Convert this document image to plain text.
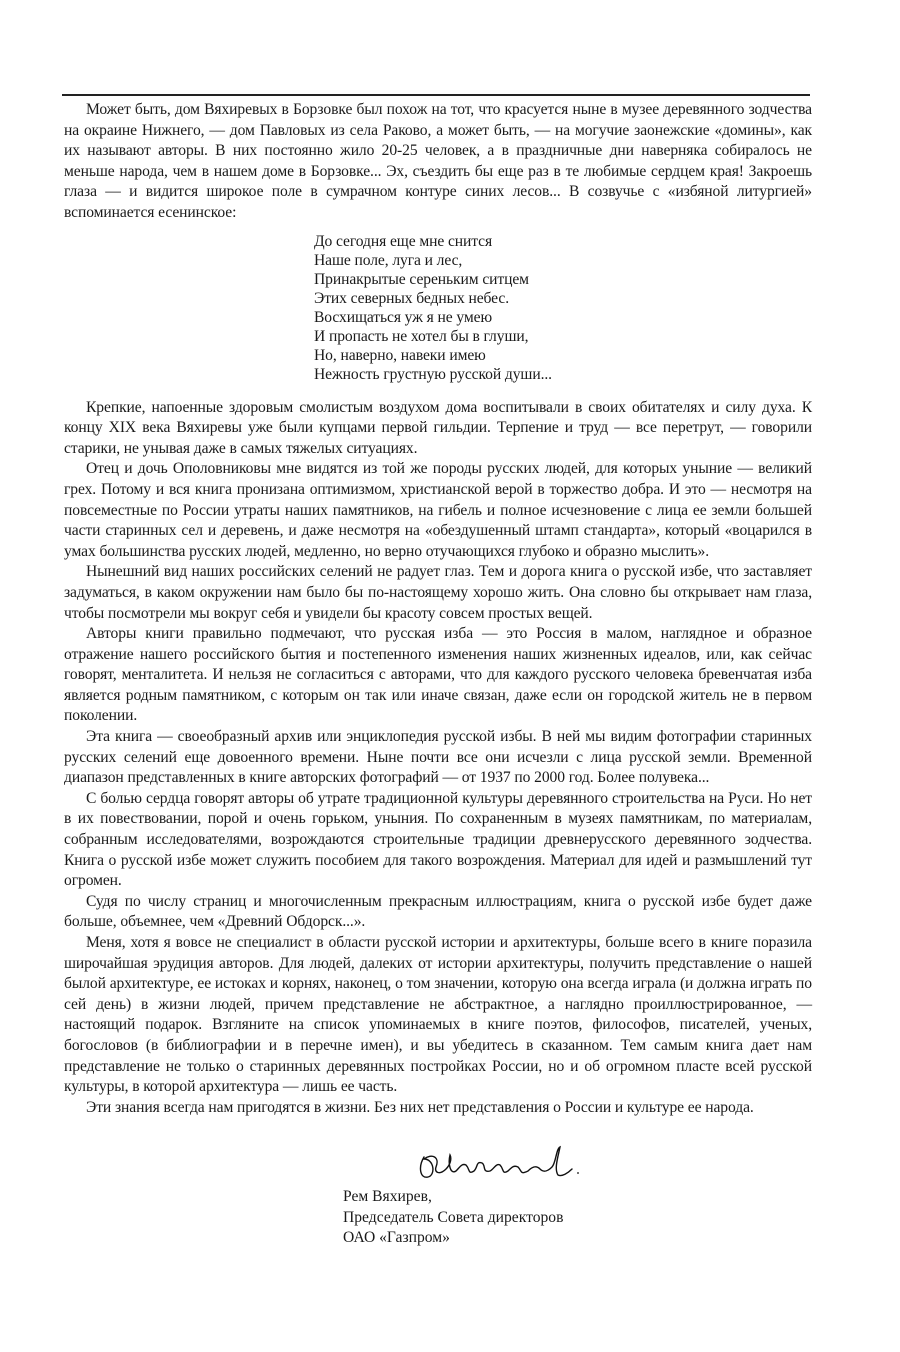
Может быть, дом Вяхиревых в Борзовке был похож на тот, что красуется ныне в музее деревянного зодчества на окраине Нижнего, — дом Павловых из села Раково, а может быть, — на могучие заонежские «домины», как их называют авторы. В них постоянно жило 20-25 человек, а в праздничные дни наверняка собиралось не меньше народа, чем в нашем доме в Борзовке... Эх, съездить бы еще раз в те любимые сердцем края! Закроешь глаза — и видится широкое поле в сумрачном контуре синих лесов... В созвучье с «избяной литургией» вспоминается есенинское:

До сегодня еще мне снится
Наше поле, луга и лес,
Принакрытые сереньким ситцем
Этих северных бедных небес.
Восхищаться уж я не умею
И пропасть не хотел бы в глуши,
Но, наверно, навеки имею
Нежность грустную русской души...

Крепкие, напоенные здоровым смолистым воздухом дома воспитывали в своих обитателях и силу духа. К концу XIX века Вяхиревы уже были купцами первой гильдии. Терпение и труд — все перетрут, — говорили старики, не унывая даже в самых тяжелых ситуациях.

Отец и дочь Ополовниковы мне видятся из той же породы русских людей, для которых уныние — великий грех. Потому и вся книга пронизана оптимизмом, христианской верой в торжество добра. И это — несмотря на повсеместные по России утраты наших памятников, на гибель и полное исчезновение с лица ее земли большей части старинных сел и деревень, и даже несмотря на «обездушенный штамп стандарта», который «воцарился в умах большинства русских людей, медленно, но верно отучающихся глубоко и образно мыслить».

Нынешний вид наших российских селений не радует глаз. Тем и дорога книга о русской избе, что заставляет задуматься, в каком окружении нам было бы по-настоящему хорошо жить. Она словно бы открывает нам глаза, чтобы посмотрели мы вокруг себя и увидели бы красоту совсем простых вещей.

Авторы книги правильно подмечают, что русская изба — это Россия в малом, наглядное и образное отражение нашего российского бытия и постепенного изменения наших жизненных идеалов, или, как сейчас говорят, менталитета. И нельзя не согласиться с авторами, что для каждого русского человека бревенчатая изба является родным памятником, с которым он так или иначе связан, даже если он городской житель не в первом поколении.

Эта книга — своеобразный архив или энциклопедия русской избы. В ней мы видим фотографии старинных русских селений еще довоенного времени. Ныне почти все они исчезли с лица русской земли. Временной диапазон представленных в книге авторских фотографий — от 1937 по 2000 год. Более полувека...

С болью сердца говорят авторы об утрате традиционной культуры деревянного строительства на Руси. Но нет в их повествовании, порой и очень горьком, уныния. По сохраненным в музеях памятникам, по материалам, собранным исследователями, возрождаются строительные традиции древнерусского деревянного зодчества. Книга о русской избе может служить пособием для такого возрождения. Материал для идей и размышлений тут огромен.

Судя по числу страниц и многочисленным прекрасным иллюстрациям, книга о русской избе будет даже больше, объемнее, чем «Древний Обдорск...».

Меня, хотя я вовсе не специалист в области русской истории и архитектуры, больше всего в книге поразила широчайшая эрудиция авторов. Для людей, далеких от истории архитектуры, получить представление о нашей былой архитектуре, ее истоках и корнях, наконец, о том значении, которую она всегда играла (и должна играть по сей день) в жизни людей, причем представление не абстрактное, а наглядно проиллюстрированное, — настоящий подарок. Взгляните на список упоминаемых в книге поэтов, философов, писателей, ученых, богословов (в библиографии и в перечне имен), и вы убедитесь в сказанном. Тем самым книга дает нам представление не только о старинных деревянных постройках России, но и об огромном пласте всей русской культуры, в которой архитектура — лишь ее часть.

Эти знания всегда нам пригодятся в жизни. Без них нет представления о России и культуре ее народа.

Рем Вяхирев,
Председатель Совета директоров
ОАО «Газпром»
